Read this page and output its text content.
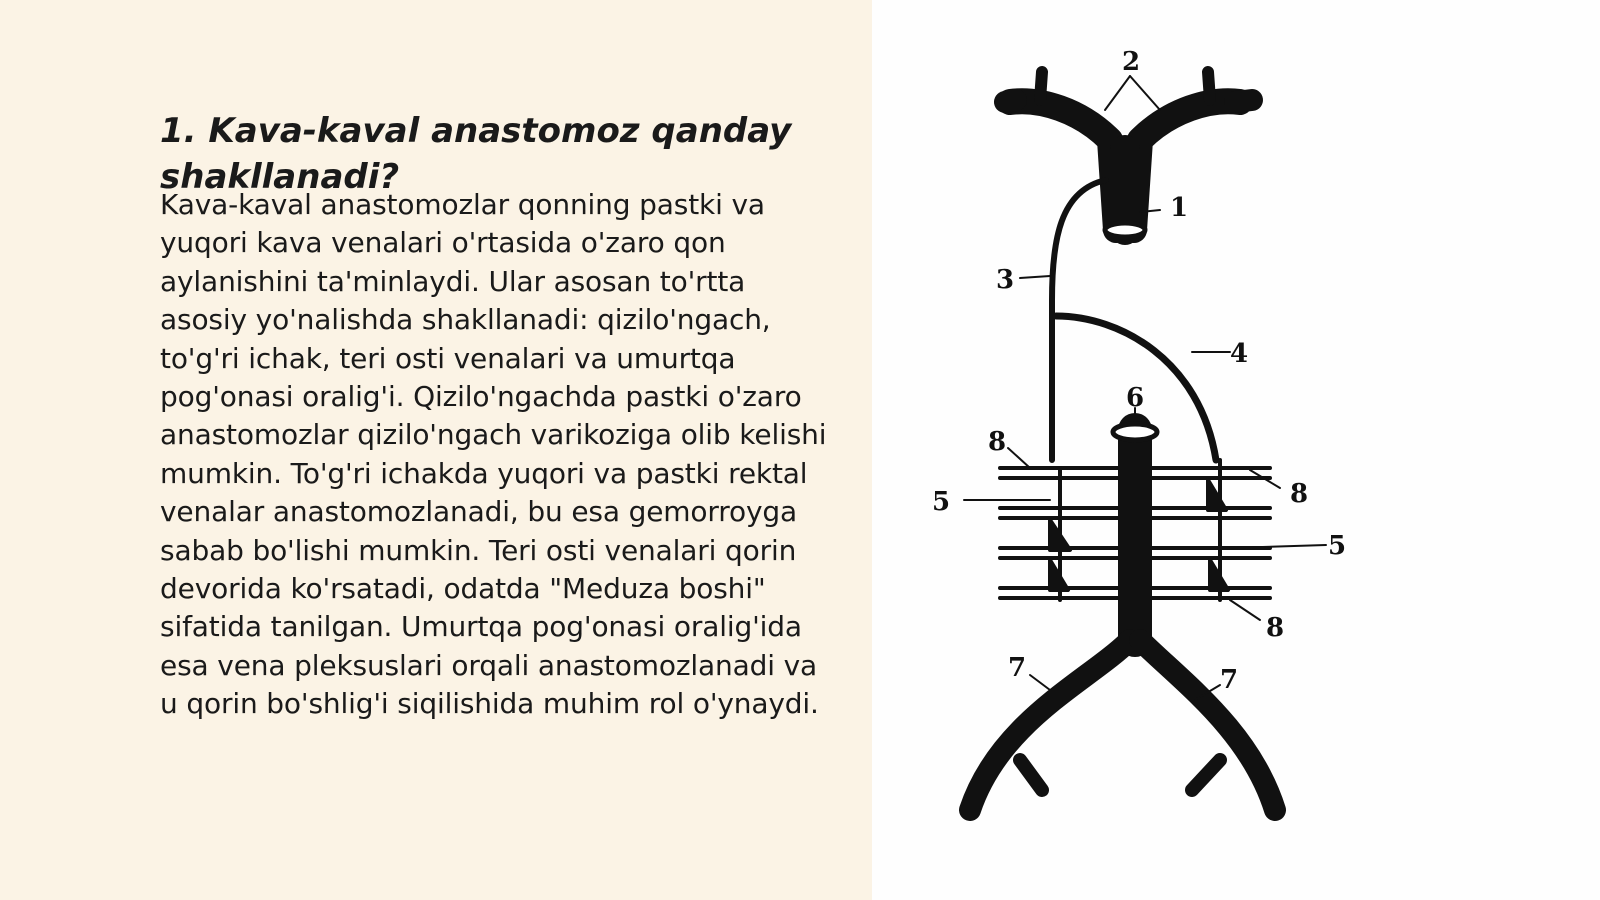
1. Kava-kaval anastomoz qanday shakllanadi?

Kava-kaval anastomozlar qonning pastki va yuqori kava venalari o'rtasida o'zaro qon aylanishini ta'minlaydi. Ular asosan to'rtta asosiy yo'nalishda shakllanadi: qizilo'ngach, to'g'ri ichak, teri osti venalari va umurtqa pog'onasi oralig'i. Qizilo'ngachda pastki o'zaro anastomozlar qizilo'ngach varikoziga olib kelishi mumkin. To'g'ri ichakda yuqori va pastki rektal venalar anastomozlanadi, bu esa gemorroyga sabab bo'lishi mumkin. Teri osti venalari qorin devorida ko'rsatadi, odatda "Meduza boshi" sifatida tanilgan. Umurtqa pog'onasi oralig'ida esa vena pleksuslari orqali anastomozlanadi va u qorin bo'shlig'i siqilishida muhim rol o'ynaydi.

2
1
3
4
6
8
5	8
5
8
7	7
